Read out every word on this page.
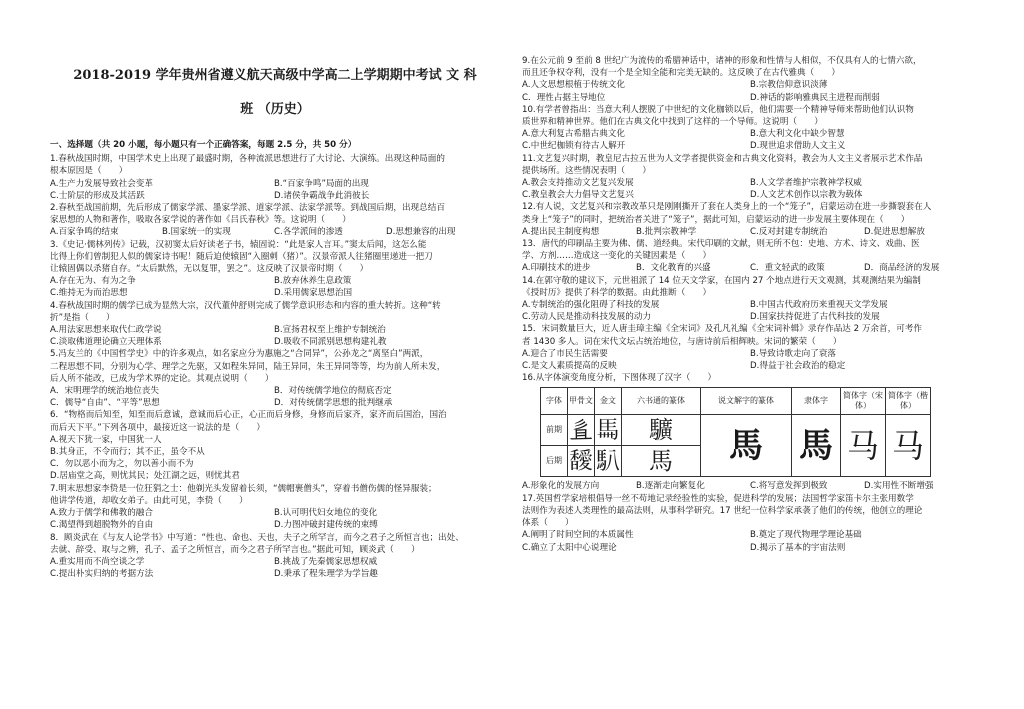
2018-2019 学年贵州省遵义航天高级中学高二上学期期中考试 文 科
班 （历史）
一、选择题（共 20 小题，每小题只有一个正确答案，每题 2.5 分，共 50 分）
1.春秋战国时期，中国学术史上出现了最盛时期，各种流派思想进行了大讨论、大演练。出现这种局面的
根本原因是（　　）
A.生产力发展导致社会变革	B.“百家争鸣”局面的出现
C.士阶层的形成及其活跃	D.诸侯争霸战争此消彼长
2.春秋至战国前期，先后形成了儒家学派、墨家学派、道家学派、法家学派等。到战国后期，出现总结百
家思想的人物和著作，吸取各家学说的著作如《吕氏春秋》等。这说明（　　）
A.百家争鸣的结束	B.国家统一的实现	C.各学派间的渗透	D.思想兼容的出现
3.《史记·儒林列传》记载，汉初窦太后好读老子书，辕固说：“此是家人言耳。”窦太后闻，这怎么能
比得上你们曾制犯人似的儒家诗书呢！随后迫使辕固“入圈刺（猪）”。汉景帝派人往猪圈里递进一把刀
让辕固偶以杀猪自存。“太后默然，无以复罪，罢之”。这反映了汉景帝时期（　　）
A.存在无为、有为之争	B.放弃休养生息政策
C.维持无为而治思想	D.采用儒家思想治国
4.春秋战国时期的儒学已成为显然大宗，汉代董仲舒则完成了儒学意识形态和内容的重大转折。这种“转
折”是指（　　）
A.用法家思想来取代仁政学说	B.宣扬君权至上维护专制统治
C.淡取佛道理论确立天理体系	D.吸收不同派别思想构建礼教
5.冯友兰的《中国哲学史》中的许多观点，如名家应分为惠施之“合同异”，公孙龙之“离坚白”两派，
二程思想不同，分别为心学、理学之先驱，又如程朱异同，陆王异同，朱王异同等等，均为前人所未发，
后人所不能改，已成为学术界的定论。其观点说明（　　）
A．宋明理学的统治地位丧失	B．对传统儒学地位的彻底否定
C．儒导“自由”、“平等”思想	D．对传统儒学思想的批判继承
6．“物格而后知至，知至而后意诚，意诚而后心正，心正而后身修，身修而后家齐，家齐而后国治，国治
而后天下平。”下列各项中，最接近这一说法的是（　　）
A.视天下犹一家，中国犹一人
B.其身正，不令而行；其不正，虽令不从
C．勿以恶小而为之，勿以善小而不为
D.居庙堂之高，则忧其民；处江湖之远，则忧其君
7.明末思想家李贽是一位狂狷之士：他剃光头发留着长须，“儒帽裹僧头”，穿着书僧伤儒的怪异服装；
他讲学传道，却收女弟子。由此可见，李贽（　　）
A.致力于儒学和佛教的融合	B.认可明代妇女地位的变化
C.渴望得到超脱物外的自由	D.力图冲破封建传统的束缚
8．顾炎武在《与友人论学书》中写道：“性也、命也、天也，夫子之所罕言，而今之君子之所恒言也；出处、
去就、辞受、取与之辨，孔子、孟子之所恒言，而今之君子所罕言也。”据此可知，顾炎武（　　）
A.重实用而不尚空谈之学	B.挑战了先秦儒家思想权威
C.提出朴实归纳的考据方法	D.秉承了程朱理学为学旨趣
9.在公元前 9 至前 8 世纪广为流传的希腊神话中，诸神的形象和性情与人相似，不仅具有人的七情六欲，
而且还争权夺利，没有一个是全知全能和完美无缺的。这反映了在古代雅典（　　）
A.人文思想根植于传统文化	B.宗教信仰意识淡薄
C．理性占据主导地位	D.神话的影响雅典民主进程而削弱
10.有学者曾指出：当意大利人摆脱了中世纪的文化枷锁以后，他们需要一个精神导师来帮助他们认识物
质世界和精神世界。他们在古典文化中找到了这样的一个导师。这说明（　　）
A.意大利复古希腊古典文化	B.意大利文化中缺少智慧
C.中世纪枷锁有待古人解开	D.现世追求借助人文主义
11.文艺复兴时期，教皇尼古拉五世为人文学者提供资金和古典文化资料，教会为人文主义者展示艺术作品
提供场所。这些情况表明（　　）
A.教会支持推动文艺复兴发展	B.人文学者维护宗教神学权威
C.教皇教会大力倡导文艺复兴	D.人文艺术创作以宗教为载体
12.有人说，文艺复兴和宗教改革只是刚刚撕开了套在人类身上的一个“笼子”，启蒙运动在进一步撕裂套在人
类身上“笼子”的同时，把统治者关进了“笼子”，据此可知，启蒙运动的进一步发展主要体现在（　　）
A.提出民主制度构想	B.批判宗教神学	C.反对封建专制统治	D.促进思想解放
13．唐代的印刷品主要为佛、儒、道经典。宋代印刷的文献，则无所不包：史地、方术、诗文、戏曲、医
学、方剂……造成这一变化的关键因素是（　　）
A.印刷技术的进步	B．文化教育的兴盛	C．重文轻武的政策	D．商品经济的发展
14.在郭守敬的建议下，元世祖派了 14 位天文学家，在国内 27 个地点进行天文观测，其观测结果为编制
《授时历》提供了科学的数据。由此推断（　　）
A.专制统治的强化阻碍了科技的发展	B.中国古代政府历来重视天文学发展
C.劳动人民是推动科技发展的动力	D.国家扶持促进了古代科技的发展
15．宋词数量巨大，近人唐圭璋主编《全宋词》及孔凡礼编《全宋词补辑》录存作品达 2 万余首，可考作
者 1430 多人。词在宋代文坛占统治地位，与唐诗前后相辉映。宋词的繁荣（　　）
A.迎合了市民生活需要	B.导致诗歌走向了衰落
C.是文人素质提高的反映	D.得益于社会政治的稳定
16.从字体演变角度分析，下图体现了汉字（　　）
字体	甲骨文	金文	六书通的篆体	说文解字的篆体	隶体字	简体字（宋体）	简体字（楷体）
前期	𢒉	𩡧	𩧉	馬	馬	马	马
后期	𩡣	𩡩	馬				
A.形象化的发展方向	B.逐渐走向繁复化	C.将写意发挥到极致	D.实用性不断增强
17.英国哲学家培根倡导一丝不苟地记录经验性的实验，促进科学的发展；法国哲学家笛卡尔主张用数学
法则作为表述人类理性的最高法则，从事科学研究。17 世纪一位科学家承袭了他们的传统，他创立的理论
体系（　　）
A.阐明了时间空间的本质属性	B.奠定了现代物理学理论基础
C.确立了太阳中心说理论	D.揭示了基本的宇宙法则
